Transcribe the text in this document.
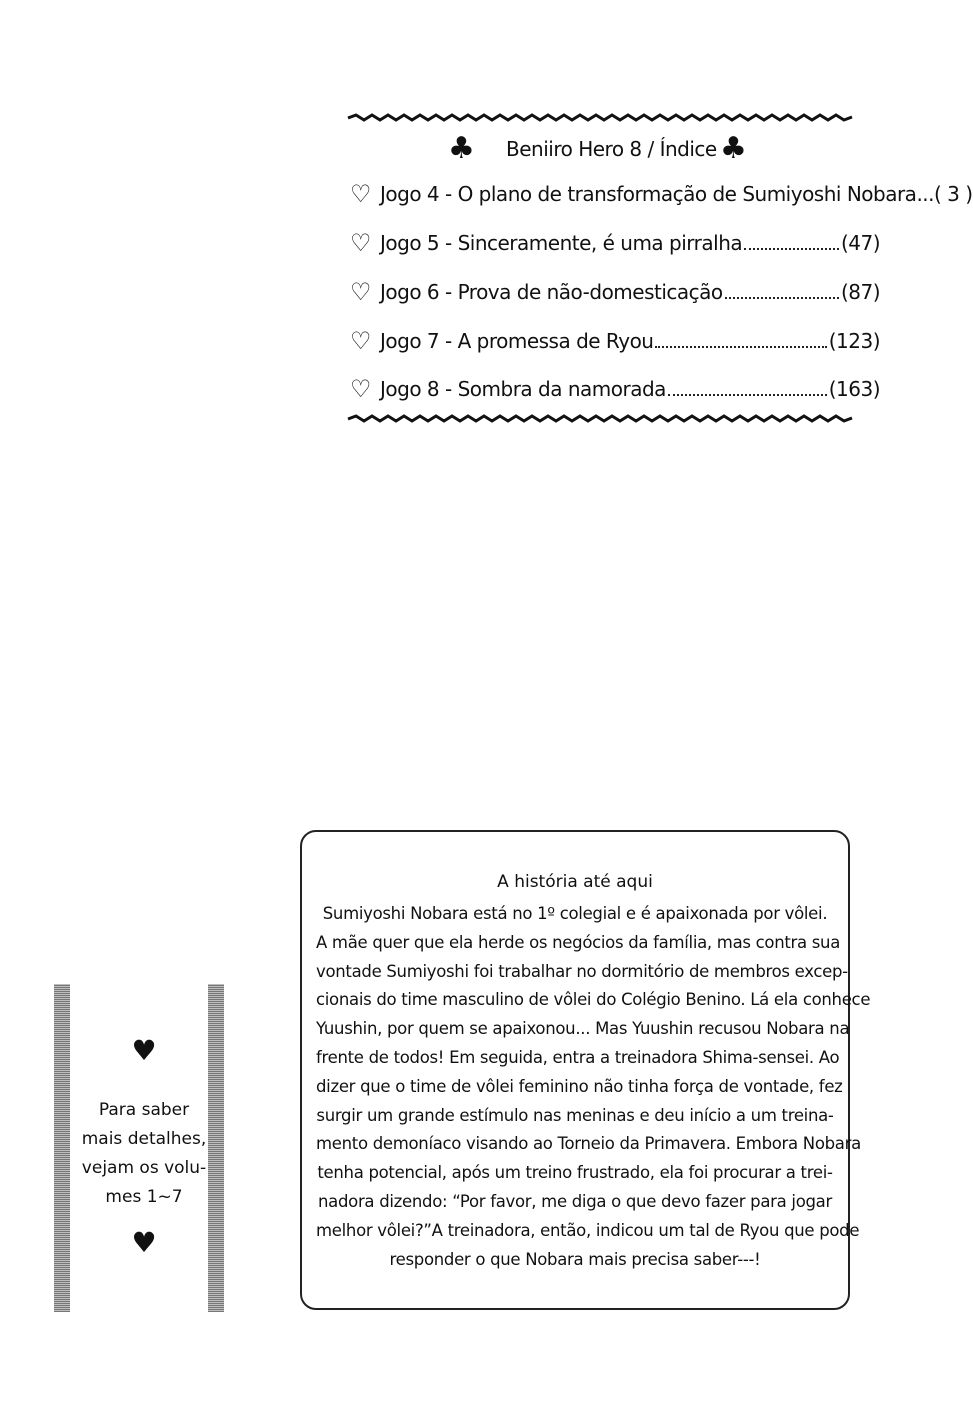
♣ Beniiro Hero 8 / Índice ♣
♡ Jogo 4 - O plano de transformação de Sumiyoshi Nobara... ( 3 )
♡ Jogo 5 - Sinceramente, é uma pirralha	(47)
♡ Jogo 6 - Prova de não-domesticação	(87)
♡ Jogo 7 - A promessa de Ryou	(123)
♡ Jogo 8 - Sombra da namorada	(163)
♥
Para saber
mais detalhes,
vejam os volu-
mes 1~7
♥
A história até aqui
Sumiyoshi Nobara está no 1º colegial e é apaixonada por vôlei.
A mãe quer que ela herde os negócios da família, mas contra sua
vontade Sumiyoshi foi trabalhar no dormitório de membros excep-
cionais do time masculino de vôlei do Colégio Benino. Lá ela conhece
Yuushin, por quem se apaixonou... Mas Yuushin recusou Nobara na
frente de todos! Em seguida, entra a treinadora Shima-sensei. Ao
dizer que o time de vôlei feminino não tinha força de vontade, fez
surgir um grande estímulo nas meninas e deu início a um treina-
mento demoníaco visando ao Torneio da Primavera. Embora Nobara
tenha potencial, após um treino frustrado, ela foi procurar a trei-
nadora dizendo: “Por favor, me diga o que devo fazer para jogar
melhor vôlei?”A treinadora, então, indicou um tal de Ryou que pode
responder o que Nobara mais precisa saber---!
